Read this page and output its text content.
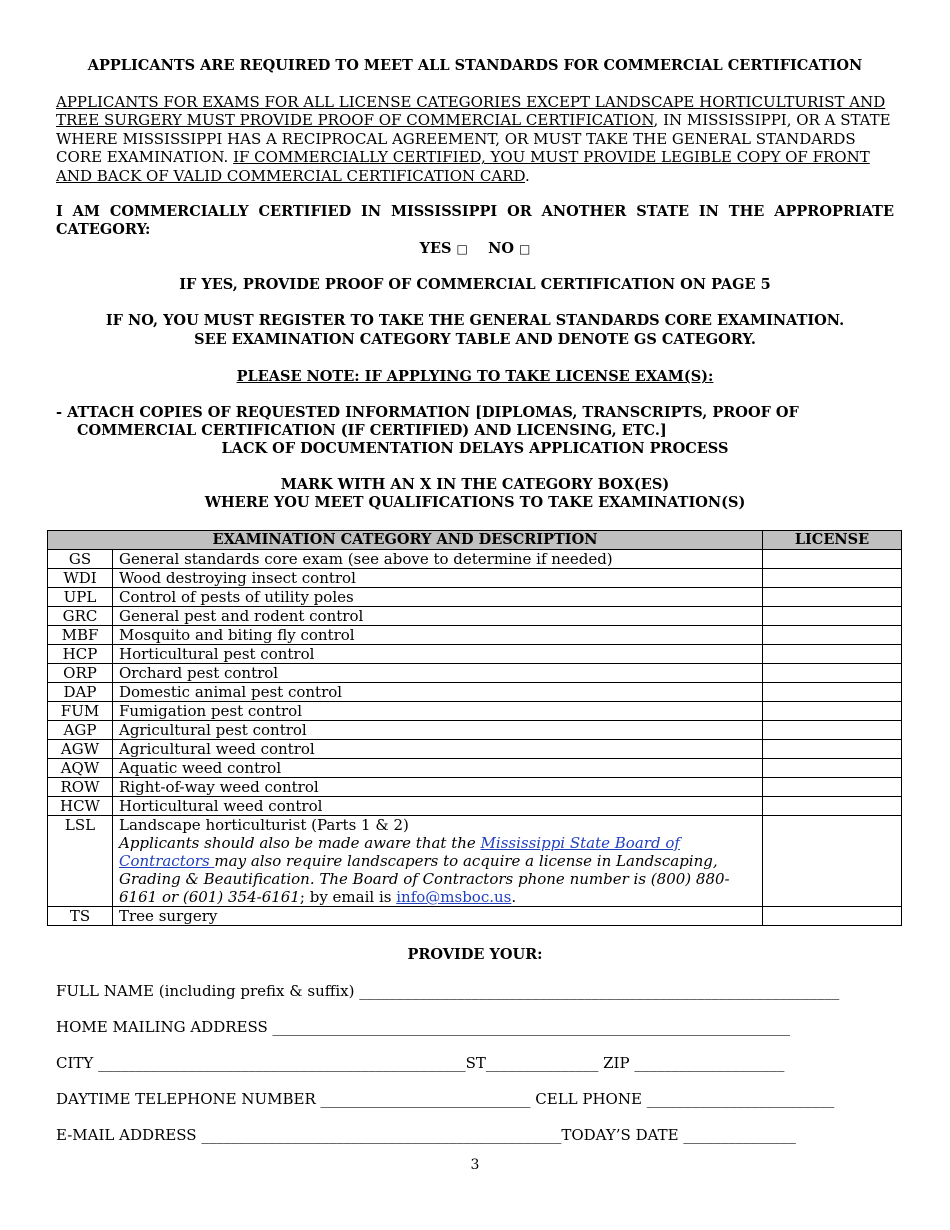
APPLICANTS ARE REQUIRED TO MEET ALL STANDARDS FOR COMMERCIAL CERTIFICATION
APPLICANTS FOR EXAMS FOR ALL LICENSE CATEGORIES EXCEPT LANDSCAPE HORTICULTURIST AND TREE SURGERY MUST PROVIDE PROOF OF COMMERCIAL CERTIFICATION, IN MISSISSIPPI, OR A STATE WHERE MISSISSIPPI HAS A RECIPROCAL AGREEMENT, OR MUST TAKE THE GENERAL STANDARDS CORE EXAMINATION. IF COMMERCIALLY CERTIFIED, YOU MUST PROVIDE LEGIBLE COPY OF FRONT AND BACK OF VALID COMMERCIAL CERTIFICATION CARD.
I AM COMMERCIALLY CERTIFIED IN MISSISSIPPI OR ANOTHER STATE IN THE APPROPRIATE CATEGORY:
YES □ NO □
IF YES, PROVIDE PROOF OF COMMERCIAL CERTIFICATION ON PAGE 5
IF NO, YOU MUST REGISTER TO TAKE THE GENERAL STANDARDS CORE EXAMINATION.
SEE EXAMINATION CATEGORY TABLE AND DENOTE GS CATEGORY.
PLEASE NOTE: IF APPLYING TO TAKE LICENSE EXAM(S):
- ATTACH COPIES OF REQUESTED INFORMATION [DIPLOMAS, TRANSCRIPTS, PROOF OF
COMMERCIAL CERTIFICATION (IF CERTIFIED) AND LICENSING, ETC.]
LACK OF DOCUMENTATION DELAYS APPLICATION PROCESS
MARK WITH AN X IN THE CATEGORY BOX(ES)
WHERE YOU MEET QUALIFICATIONS TO TAKE EXAMINATION(S)
EXAMINATION CATEGORY AND DESCRIPTION		LICENSE
GS	General standards core exam (see above to determine if needed)	
WDI	Wood destroying insect control	
UPL	Control of pests of utility poles	
GRC	General pest and rodent control	
MBF	Mosquito and biting fly control	
HCP	Horticultural pest control	
ORP	Orchard pest control	
DAP	Domestic animal pest control	
FUM	Fumigation pest control	
AGP	Agricultural pest control	
AGW	Agricultural weed control	
AQW	Aquatic weed control	
ROW	Right-of-way weed control	
HCW	Horticultural weed control	
LSL	Landscape horticulturist (Parts 1 & 2)
Applicants should also be made aware that the Mississippi State Board of Contractors may also require landscapers to acquire a license in Landscaping, Grading & Beautification. The Board of Contractors phone number is (800) 880-6161 or (601) 354-6161; by email is info@msboc.us.	

TS	Tree surgery	
PROVIDE YOUR:
FULL NAME (including prefix & suffix) ________________________________________________________________
HOME MAILING ADDRESS _____________________________________________________________________
CITY _________________________________________________ST_______________ ZIP ____________________
DAYTIME TELEPHONE NUMBER ____________________________ CELL PHONE _________________________
E-MAIL ADDRESS ________________________________________________TODAY’S DATE _______________
3
